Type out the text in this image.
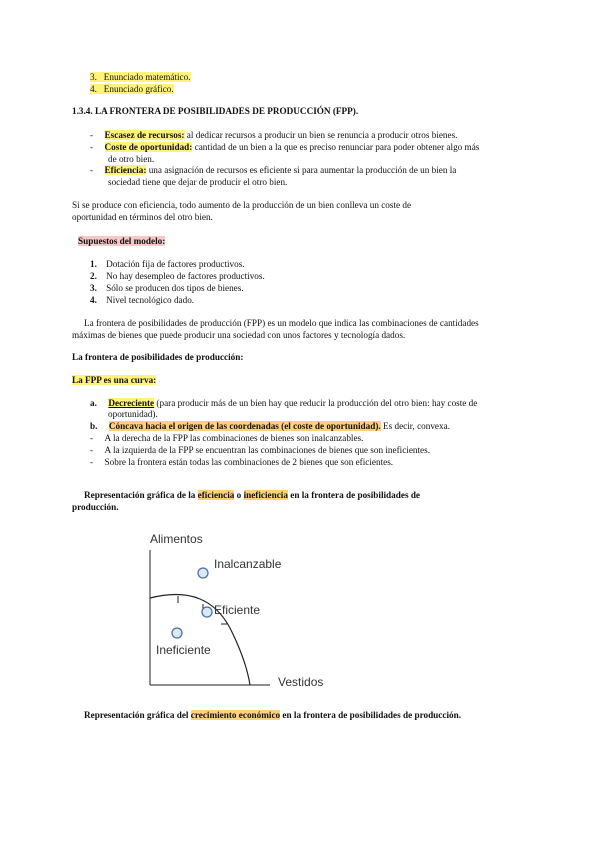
3. Enunciado matemático.
4. Enunciado gráfico.
1.3.4. LA FRONTERA DE POSIBILIDADES DE PRODUCCIÓN (FPP).
-     Escasez de recursos: al dedicar recursos a producir un bien se renuncia a producir otros bienes.
-     Coste de oportunidad: cantidad de un bien a la que es preciso renunciar para poder obtener algo más
de otro bien.
-     Eficiencia: una asignación de recursos es eficiente si para aumentar la producción de un bien la
sociedad tiene que dejar de producir el otro bien.
Si se produce con eficiencia, todo aumento de la producción de un bien conlleva un coste de
oportunidad en términos del otro bien.
Supuestos del modelo:
1. Dotación fija de factores productivos.
2. No hay desempleo de factores productivos.
3. Sólo se producen dos tipos de bienes.
4. Nivel tecnológico dado.
La frontera de posibilidades de producción (FPP) es un modelo que indica las combinaciones de cantidades
máximas de bienes que puede producir una sociedad con unos factores y tecnología dados.
La frontera de posibilidades de producción:
La FPP es una curva:
a. Decreciente (para producir más de un bien hay que reducir la producción del otro bien: hay coste de
oportunidad).
b. Cóncava hacia el origen de las coordenadas (el coste de oportunidad). Es decir, convexa.
-     A la derecha de la FPP las combinaciones de bienes son inalcanzables.
-     A la izquierda de la FPP se encuentran las combinaciones de bienes que son ineficientes.
-     Sobre la frontera están todas las combinaciones de 2 bienes que son eficientes.
Representación gráfica de la eficiencia o ineficiencia en la frontera de posibilidades de
producción.
Alimentos
Inalcanzable
Eficiente
Ineficiente
Vestidos
Representación gráfica del crecimiento económico en la frontera de posibilidades de producción.
